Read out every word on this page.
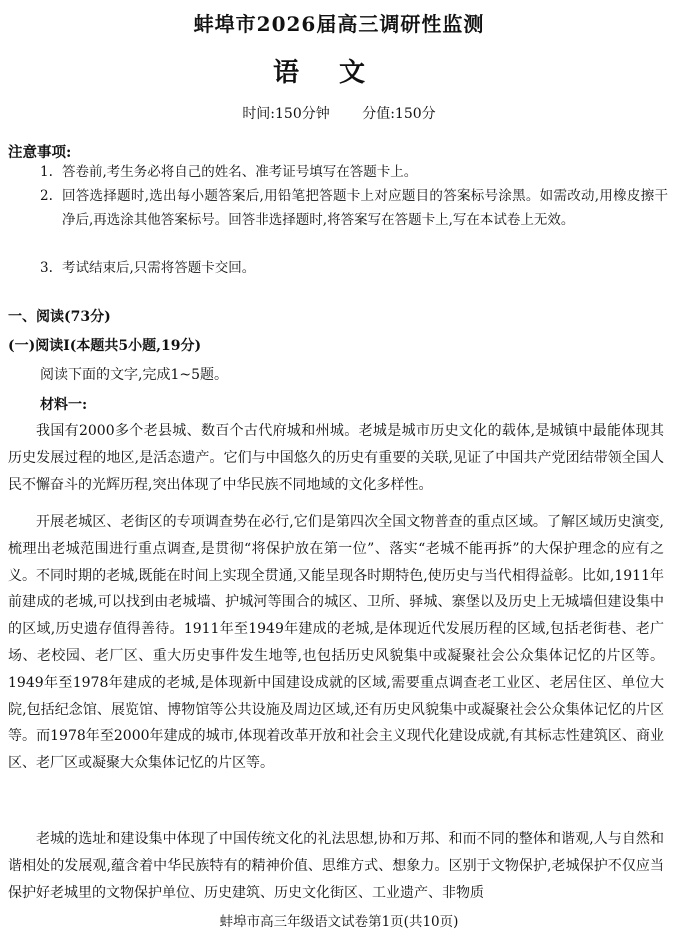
蚌埠市2026届高三调研性监测
语文
时间:150分钟 分值:150分
注意事项:
1. 答卷前,考生务必将自己的姓名、准考证号填写在答题卡上。
2. 回答选择题时,选出每小题答案后,用铅笔把答题卡上对应题目的答案标号涂黑。如需改动,用橡皮擦干净后,再选涂其他答案标号。回答非选择题时,将答案写在答题卡上,写在本试卷上无效。
3. 考试结束后,只需将答题卡交回。
一、阅读(73分)
(一)阅读Ⅰ(本题共5小题,19分)
阅读下面的文字,完成1~5题。
材料一:
我国有2000多个老县城、数百个古代府城和州城。老城是城市历史文化的载体,是城镇中最能体现其历史发展过程的地区,是活态遗产。它们与中国悠久的历史有重要的关联,见证了中国共产党团结带领全国人民不懈奋斗的光辉历程,突出体现了中华民族不同地域的文化多样性。
开展老城区、老街区的专项调查势在必行,它们是第四次全国文物普查的重点区域。了解区域历史演变,梳理出老城范围进行重点调查,是贯彻“将保护放在第一位”、落实“老城不能再拆”的大保护理念的应有之义。不同时期的老城,既能在时间上实现全贯通,又能呈现各时期特色,使历史与当代相得益彰。比如,1911年前建成的老城,可以找到由老城墙、护城河等围合的城区、卫所、驿城、寨堡以及历史上无城墙但建设集中的区域,历史遗存值得善待。1911年至1949年建成的老城,是体现近代发展历程的区域,包括老街巷、老广场、老校园、老厂区、重大历史事件发生地等,也包括历史风貌集中或凝聚社会公众集体记忆的片区等。1949年至1978年建成的老城,是体现新中国建设成就的区域,需要重点调查老工业区、老居住区、单位大院,包括纪念馆、展览馆、博物馆等公共设施及周边区域,还有历史风貌集中或凝聚社会公众集体记忆的片区等。而1978年至2000年建成的城市,体现着改革开放和社会主义现代化建设成就,有其标志性建筑区、商业区、老厂区或凝聚大众集体记忆的片区等。
老城的选址和建设集中体现了中国传统文化的礼法思想,协和万邦、和而不同的整体和谐观,人与自然和谐相处的发展观,蕴含着中华民族特有的精神价值、思维方式、想象力。区别于文物保护,老城保护不仅应当保护好老城里的文物保护单位、历史建筑、历史文化街区、工业遗产、非物质
蚌埠市高三年级语文试卷第1页(共10页)
